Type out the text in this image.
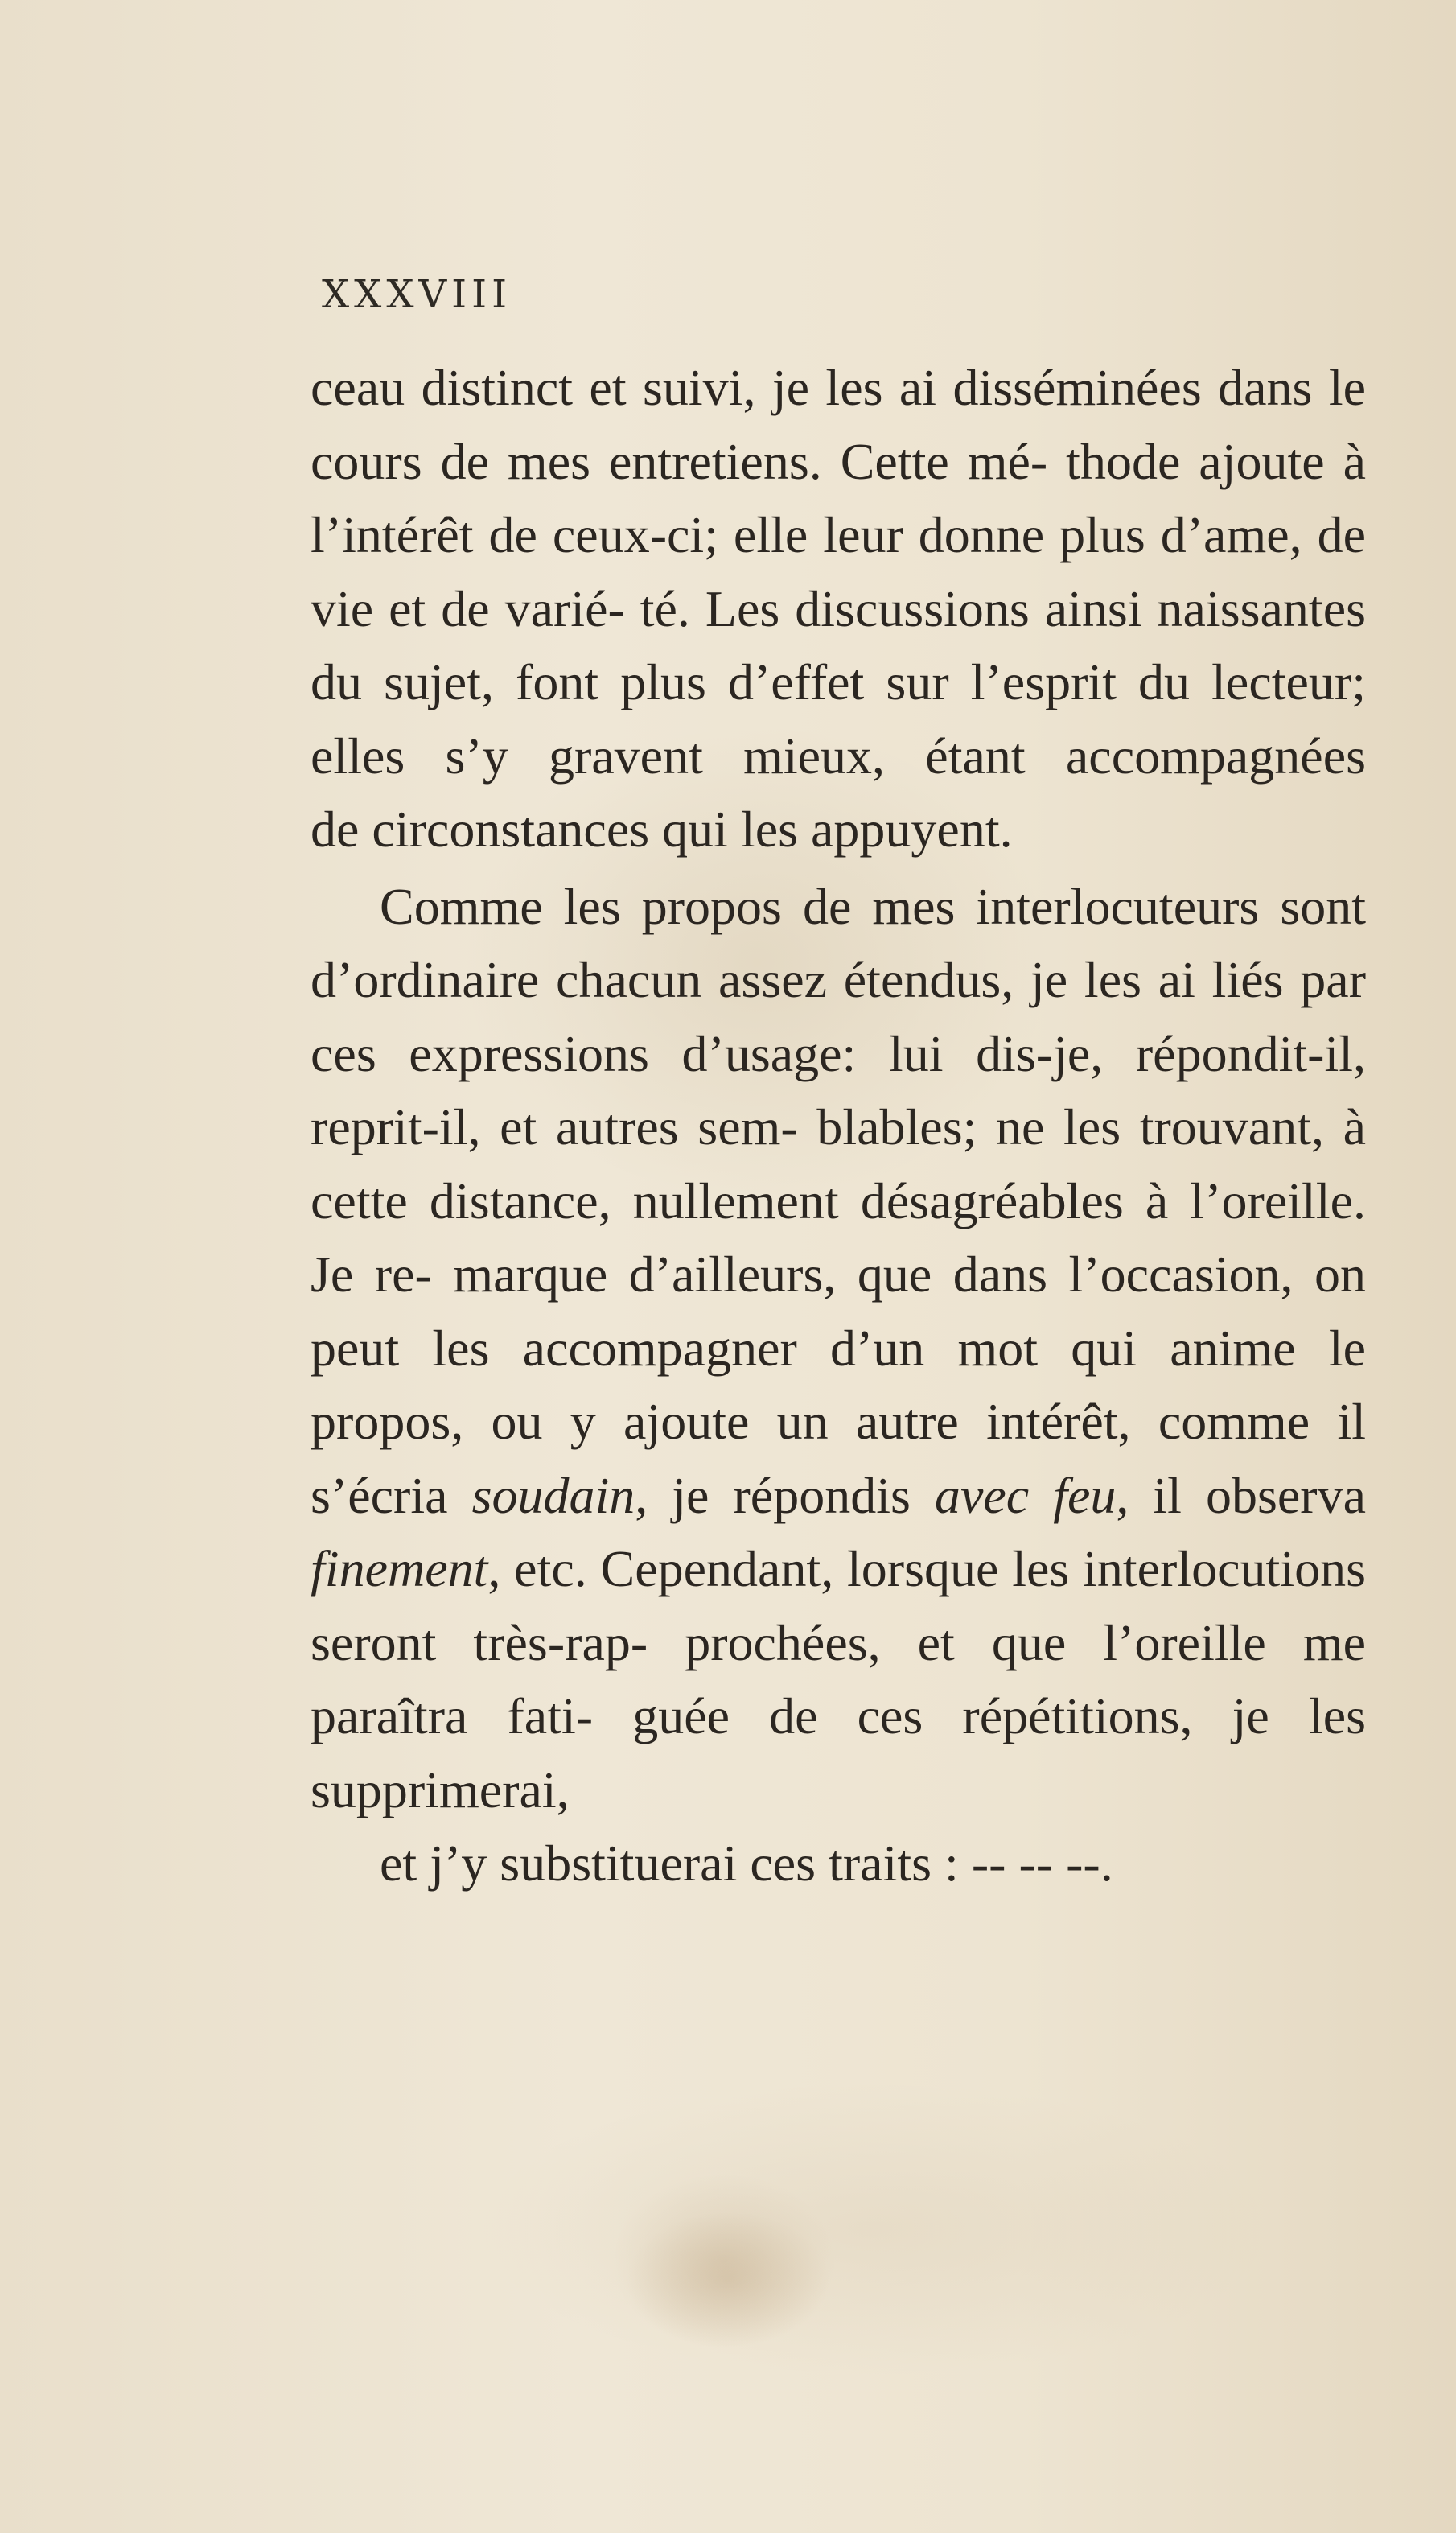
XXXVIII

ceau distinct et suivi, je les ai disséminées dans le cours de mes entretiens. Cette mé- thode ajoute à l’intérêt de ceux-ci; elle leur donne plus d’ame, de vie et de varié- té. Les discussions ainsi naissantes du sujet, font plus d’effet sur l’esprit du lecteur; elles s’y gravent mieux, étant accompagnées
de circonstances qui les appuyent.

Comme les propos de mes interlocuteurs sont d’ordinaire chacun assez étendus, je les ai liés par ces expressions d’usage: lui dis-je, répondit-il, reprit-il, et autres sem- blables; ne les trouvant, à cette distance, nullement désagréables à l’oreille. Je re- marque d’ailleurs, que dans l’occasion, on peut les accompagner d’un mot qui anime le propos, ou y ajoute un autre intérêt, comme il s’écria soudain, je répondis avec feu, il observa finement, etc. Cependant, lorsque les interlocutions seront très-rap- prochées, et que l’oreille me paraîtra fati- guée de ces répétitions, je les supprimerai,
et j’y substituerai ces traits : -- -- --.
